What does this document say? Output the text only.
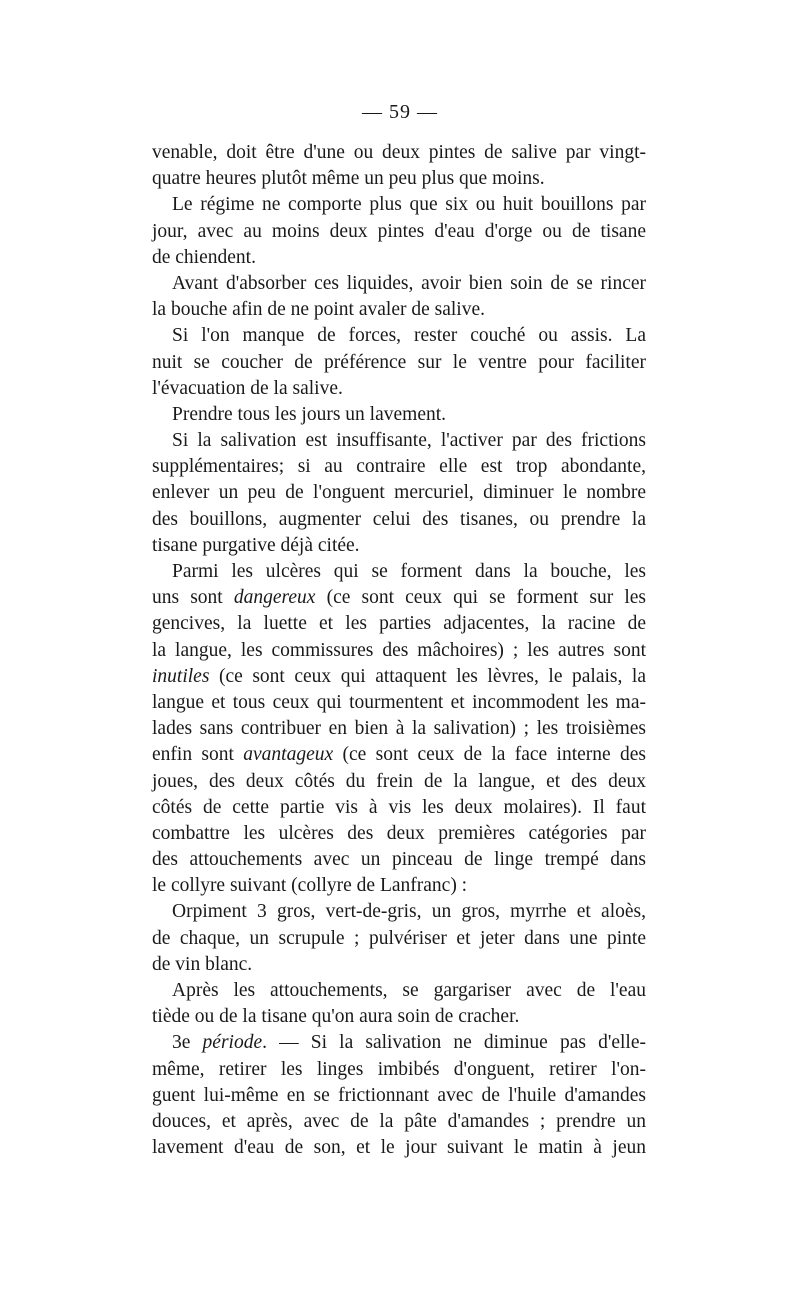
— 59 —
venable, doit être d'une ou deux pintes de salive par vingt-
quatre heures plutôt même un peu plus que moins.
Le régime ne comporte plus que six ou huit bouillons par
jour, avec au moins deux pintes d'eau d'orge ou de tisane
de chiendent.
Avant d'absorber ces liquides, avoir bien soin de se rincer
la bouche afin de ne point avaler de salive.
Si l'on manque de forces, rester couché ou assis. La
nuit se coucher de préférence sur le ventre pour faciliter
l'évacuation de la salive.
Prendre tous les jours un lavement.
Si la salivation est insuffisante, l'activer par des frictions
supplémentaires; si au contraire elle est trop abondante,
enlever un peu de l'onguent mercuriel, diminuer le nombre
des bouillons, augmenter celui des tisanes, ou prendre la
tisane purgative déjà citée.
Parmi les ulcères qui se forment dans la bouche, les
uns sont dangereux (ce sont ceux qui se forment sur les
gencives, la luette et les parties adjacentes, la racine de
la langue, les commissures des mâchoires) ; les autres sont
inutiles (ce sont ceux qui attaquent les lèvres, le palais, la
langue et tous ceux qui tourmentent et incommodent les ma-
lades sans contribuer en bien à la salivation) ; les troisièmes
enfin sont avantageux (ce sont ceux de la face interne des
joues, des deux côtés du frein de la langue, et des deux
côtés de cette partie vis à vis les deux molaires). Il faut
combattre les ulcères des deux premières catégories par
des attouchements avec un pinceau de linge trempé dans
le collyre suivant (collyre de Lanfranc) :
Orpiment 3 gros, vert-de-gris, un gros, myrrhe et aloès,
de chaque, un scrupule ; pulvériser et jeter dans une pinte
de vin blanc.
Après les attouchements, se gargariser avec de l'eau
tiède ou de la tisane qu'on aura soin de cracher.
3e période. — Si la salivation ne diminue pas d'elle-
même, retirer les linges imbibés d'onguent, retirer l'on-
guent lui-même en se frictionnant avec de l'huile d'amandes
douces, et après, avec de la pâte d'amandes ; prendre un
lavement d'eau de son, et le jour suivant le matin à jeun
